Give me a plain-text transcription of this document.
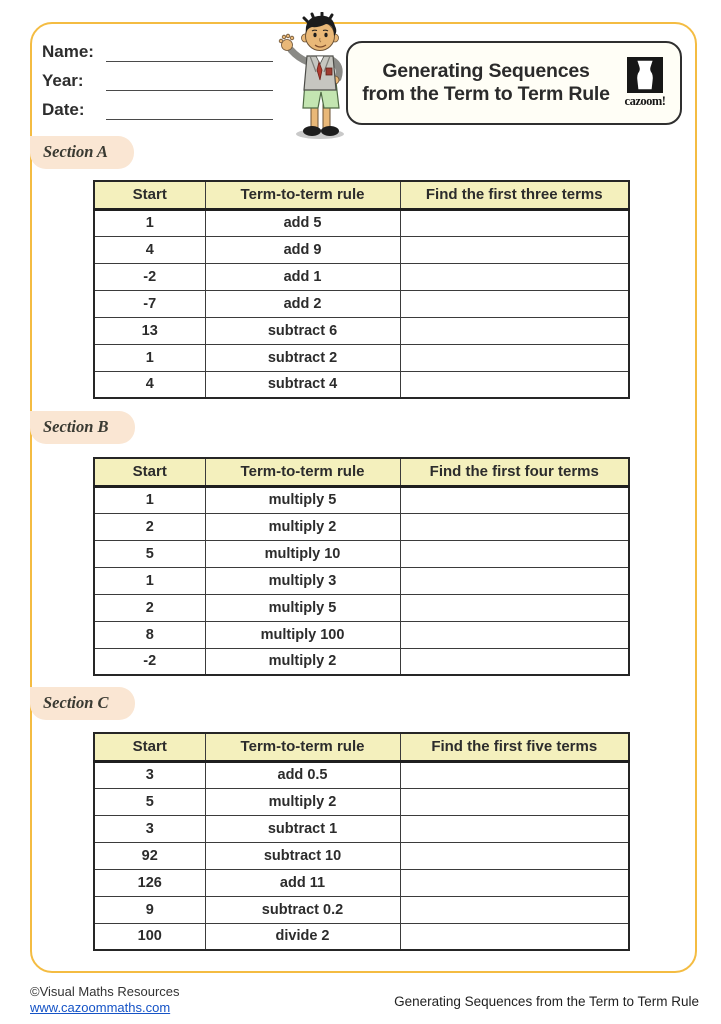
Name:
Year:
Date:
Generating Sequences
from the Term to Term Rule	cazoom!
Section A
Start	Term-to-term rule	Find the first three terms
1	add 5	
4	add 9	
-2	add 1	
-7	add 2	
13	subtract 6	
1	subtract 2	
4	subtract 4	
Section B
Start	Term-to-term rule	Find the first four terms
1	multiply 5	
2	multiply 2	
5	multiply 10	
1	multiply 3	
2	multiply 5	
8	multiply 100	
-2	multiply 2	
Section C
Start	Term-to-term rule	Find the first five terms
3	add 0.5	
5	multiply 2	
3	subtract 1	
92	subtract 10	
126	add 11	
9	subtract 0.2	
100	divide 2	
©Visual Maths Resources
www.cazoommaths.com	Generating Sequences from the Term to Term Rule
